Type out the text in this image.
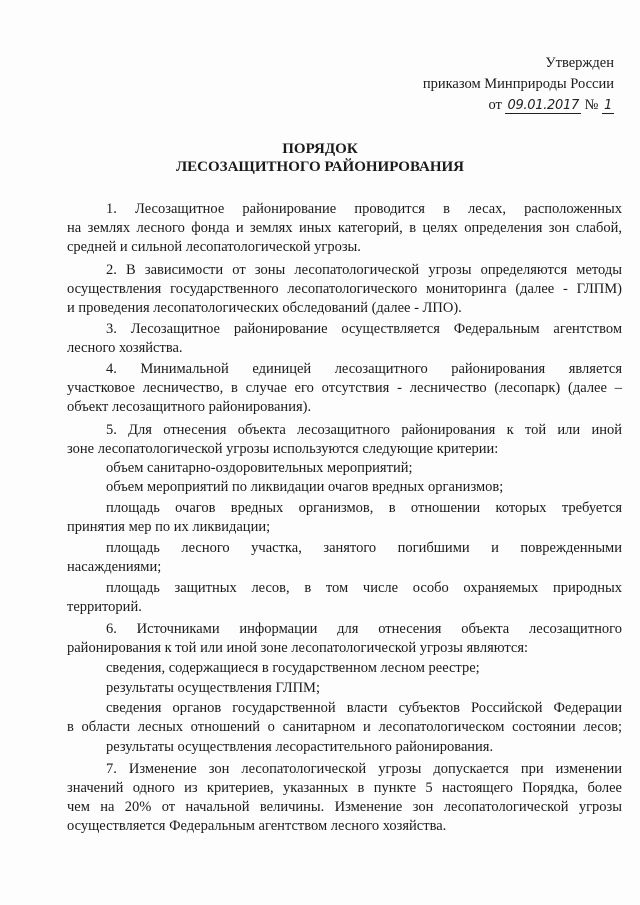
Утвержден
приказом Минприроды России
от 09.01.2017 № 1
ПОРЯДОК
ЛЕСОЗАЩИТНОГО РАЙОНИРОВАНИЯ
1. Лесозащитное районирование проводится в лесах, расположенных
на землях лесного фонда и землях иных категорий, в целях определения зон слабой,
средней и сильной лесопатологической угрозы.
2. В зависимости от зоны лесопатологической угрозы определяются методы
осуществления государственного лесопатологического мониторинга (далее - ГЛПМ)
и проведения лесопатологических обследований (далее - ЛПО).
3. Лесозащитное районирование осуществляется Федеральным агентством
лесного хозяйства.
4. Минимальной единицей лесозащитного районирования является
участковое лесничество, в случае его отсутствия - лесничество (лесопарк) (далее –
объект лесозащитного районирования).
5. Для отнесения объекта лесозащитного районирования к той или иной
зоне лесопатологической угрозы используются следующие критерии:
объем санитарно-оздоровительных мероприятий;
объем мероприятий по ликвидации очагов вредных организмов;
площадь очагов вредных организмов, в отношении которых требуется
принятия мер по их ликвидации;
площадь лесного участка, занятого погибшими и поврежденными
насаждениями;
площадь защитных лесов, в том числе особо охраняемых природных
территорий.
6. Источниками информации для отнесения объекта лесозащитного
районирования к той или иной зоне лесопатологической угрозы являются:
сведения, содержащиеся в государственном лесном реестре;
результаты осуществления ГЛПМ;
сведения органов государственной власти субъектов Российской Федерации
в области лесных отношений о санитарном и лесопатологическом состоянии лесов;
результаты осуществления лесорастительного районирования.
7. Изменение зон лесопатологической угрозы допускается при изменении
значений одного из критериев, указанных в пункте 5 настоящего Порядка, более
чем на 20% от начальной величины. Изменение зон лесопатологической угрозы
осуществляется Федеральным агентством лесного хозяйства.
